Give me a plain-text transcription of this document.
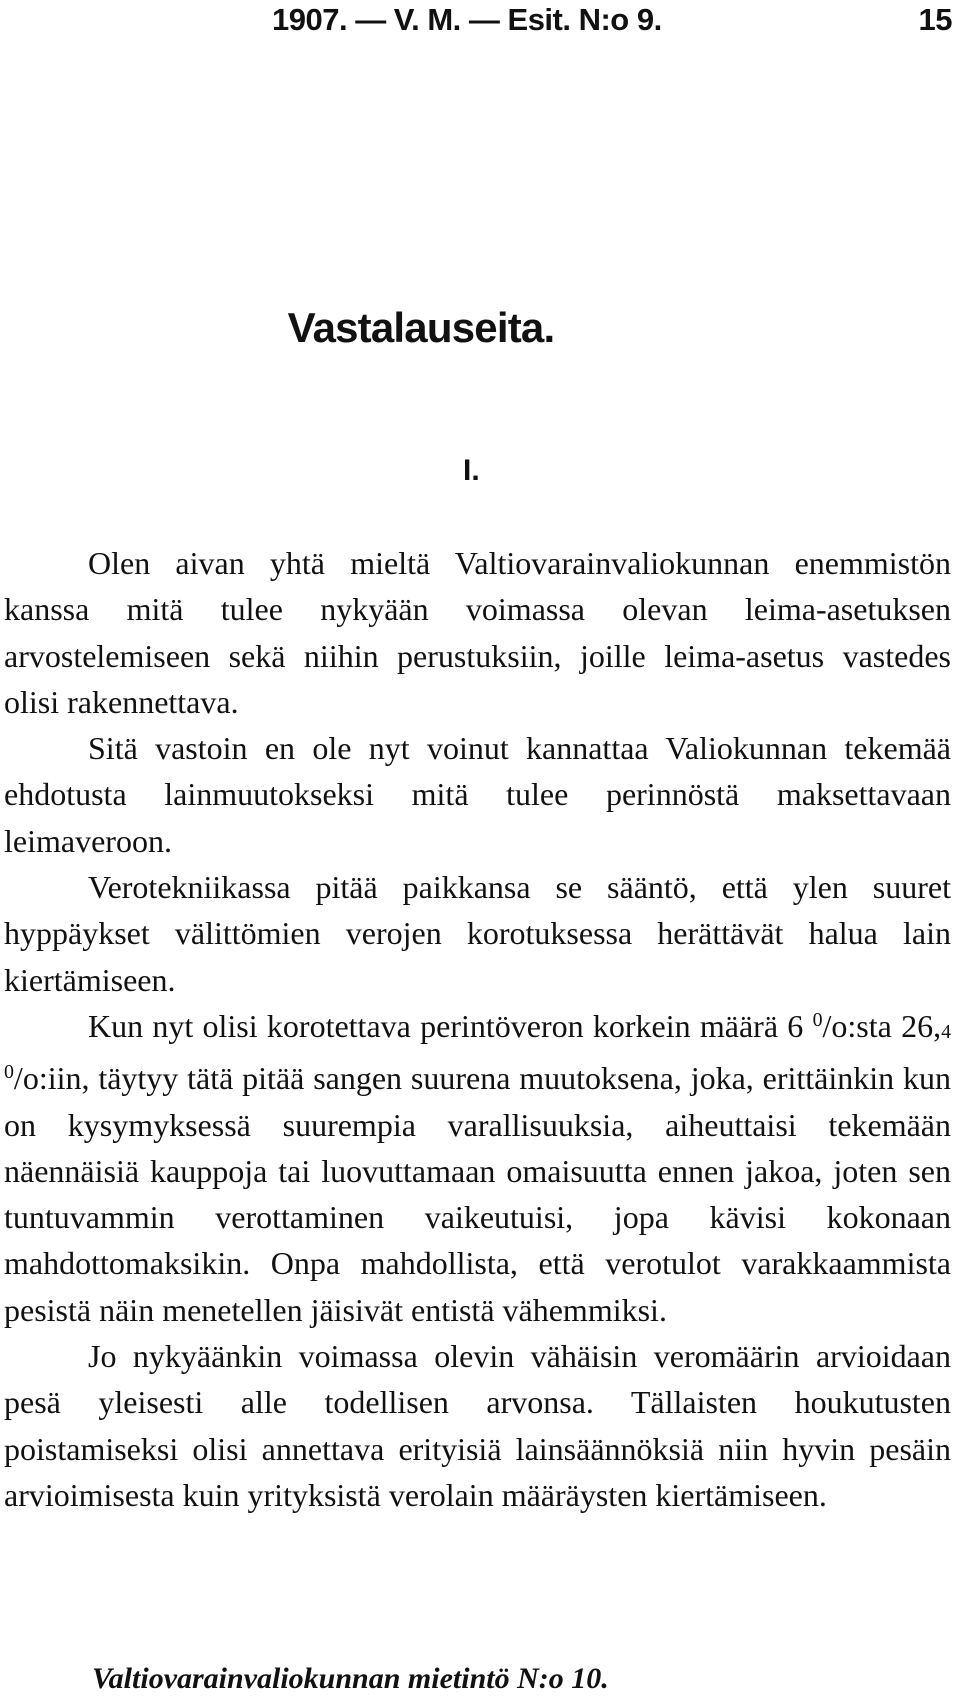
1907. — V. M. — Esit. N:o 9.	15
Vastalauseita.
I.

Olen aivan yhtä mieltä Valtiovarainvaliokunnan enemmistön kanssa mitä tulee nykyään voimassa olevan leima-asetuksen arvostelemiseen sekä niihin perustuksiin, joille leima-asetus vastedes olisi rakennettava.

Sitä vastoin en ole nyt voinut kannattaa Valiokunnan tekemää ehdotusta lainmuutokseksi mitä tulee perinnöstä maksettavaan leimaveroon.

Verotekniikassa pitää paikkansa se sääntö, että ylen suuret hyppäykset välittömien verojen korotuksessa herättävät halua lain kiertämiseen.

Kun nyt olisi korotettava perintöveron korkein määrä 6 $^0$/o:sta 26,4 $^0$/o:iin, täytyy tätä pitää sangen suurena muutoksena, joka, erittäinkin kun on kysymyksessä suurempia varallisuuksia, aiheuttaisi tekemään näennäisiä kauppoja tai luovuttamaan omaisuutta ennen jakoa, joten sen tuntuvammin verottaminen vaikeutuisi, jopa kävisi kokonaan mahdottomaksikin. Onpa mahdollista, että verotulot varakkaammista pesistä näin menetellen jäisivät entistä vähemmiksi.

Jo nykyäänkin voimassa olevin vähäisin veromäärin arvioidaan pesä yleisesti alle todellisen arvonsa. Tällaisten houkutusten poistamiseksi olisi annettava erityisiä lainsäännöksiä niin hyvin pesäin arvioimisesta kuin yrityksistä verolain määräysten kiertämiseen.

Valtiovarainvaliokunnan mietintö N:o 10.
